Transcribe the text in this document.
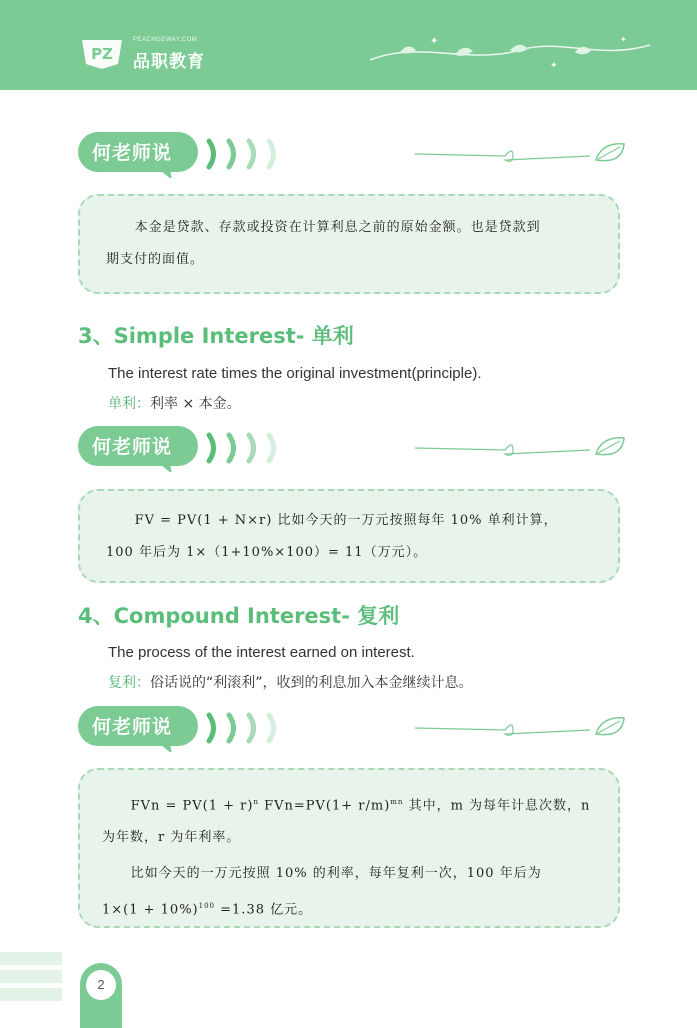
PZ
PEACHGEWAY.COM
品职教育
✦
✦
✦
何老师说

本金是贷款、存款或投资在计算利息之前的原始金额。也是贷款到

期支付的面值。

3、Simple Interest- 单利
The interest rate times the original investment(principle).
单利：利率 × 本金。
何老师说

FV = PV(1 + N×r) 比如今天的一万元按照每年 10% 单利计算，

100 年后为 1×（1+10%×100）= 11（万元）。

4、Compound Interest- 复利
The process of the interest earned on interest.
复利：俗话说的“利滚利”，收到的利息加入本金继续计息。
何老师说

FVn = $PV(1 + r)^n$ $FVn=PV(1+ r/m)^{mn}$ 其中，m 为每年计息次数，n

为年数，r 为年利率。

比如今天的一万元按照 10% 的利率，每年复利一次，100 年后为

$1\times(1 + 10\%)^{100} =1.38$ 亿元。

2
